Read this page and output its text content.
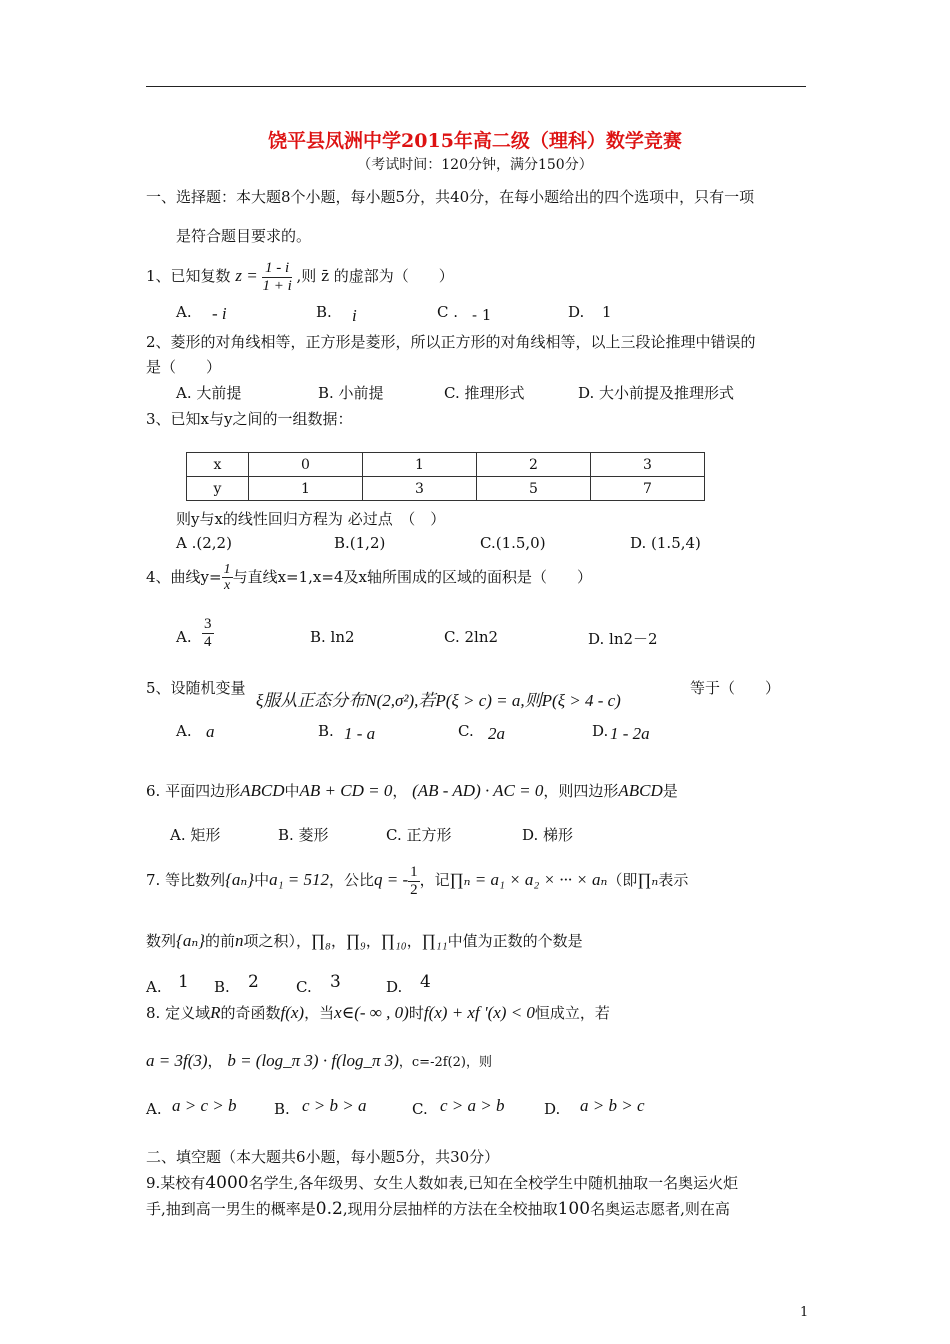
饶平县凤洲中学2015年高二级（理科）数学竞赛
（考试时间：120分钟，满分150分）
一、选择题：本大题8个小题，每小题5分，共40分，在每小题给出的四个选项中，只有一项
是符合题目要求的。
1、已知复数 $z = \frac{1 - i}{1 + i}$ ,则 z̄ 的虚部为（　　）
A. - i	B. i	C . - 1	D. 1
2、菱形的对角线相等，正方形是菱形，所以正方形的对角线相等，以上三段论推理中错误的
是（　　）
A. 大前提	B. 小前提	C. 推理形式	D. 大小前提及推理形式
3、已知x与y之间的一组数据：
x	0	1	2	3
y	1	3	5	7
则y与x的线性回归方程为 必过点　（　）
A .(2,2)	B.(1,2)	C.(1.5,0)	D. (1.5,4)
4、曲线$y= \frac{1}{x}$ 与直线x=1,x=4及x轴所围成的区域的面积是（　　）
A. $\frac{3}{4}$	B. ln2	C. 2ln2	D. ln2－2
5、设随机变量
ξ服从正态分布N(2,σ²),若P(ξ > c) = a,则P(ξ > 4 - c)
等于（　　）
A. a	B. 1 - a	C. 2a	D. 1 - 2a
6. 平面四边形ABCD中AB + CD = 0， (AB - AD) · AC = 0，则四边形ABCD是
A. 矩形	B. 菱形	C. 正方形	D. 梯形
7. 等比数列{aₙ}中a₁ = 512，公比q = - $\frac{1}{2}$ ，记∏ₙ = a₁ × a₂ × ··· × aₙ（即∏ₙ表示
数列{aₙ}的前n项之积），∏₈，∏₉，∏₁₀，∏₁₁中值为正数的个数是
A. 1 B. 2 C. 3	D. 4
8. 定义域R的奇函数f(x)，当x∈(- ∞ , 0)时f(x) + xf '(x) < 0恒成立，若
a = 3f(3)， b = (log_π 3) · f(log_π 3)，c=-2f(2)，则
A. a > c > b	B. c > b > a	C. c > a > b	D. a > b > c
二、填空题（本大题共6小题，每小题5分，共30分）
9.某校有4000名学生,各年级男、女生人数如表,已知在全校学生中随机抽取一名奥运火炬
手,抽到高一男生的概率是0.2,现用分层抽样的方法在全校抽取100名奥运志愿者,则在高
1
